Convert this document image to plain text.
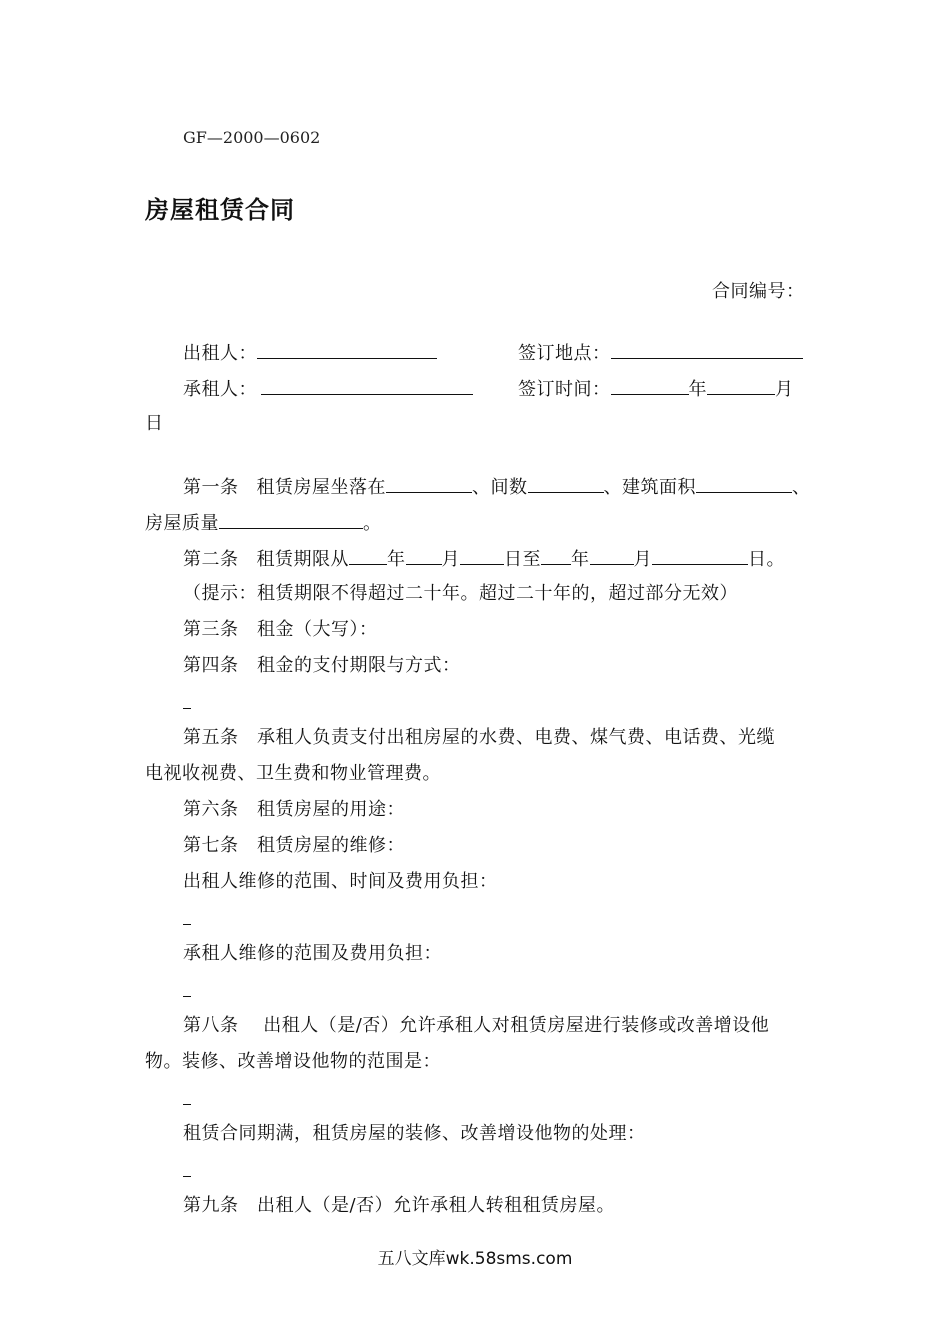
GF—2000—0602
房屋租赁合同
合同编号：
出租人：	签订地点：
承租人：	签订时间：	年	月
日
第一条 租赁房屋坐落在	、间数	、建筑面积	、
房屋质量	。
第二条 租赁期限从 年 月 日至 年 月	日。
（提示：租赁期限不得超过二十年。超过二十年的，超过部分无效）
第三条　租金（大写）：
第四条　租金的支付期限与方式：
第五条　承租人负责支付出租房屋的水费、电费、煤气费、电话费、光缆
电视收视费、卫生费和物业管理费。
第六条　租赁房屋的用途：
第七条　租赁房屋的维修：
出租人维修的范围、时间及费用负担：
承租人维修的范围及费用负担：
第八条　 出租人（是/否）允许承租人对租赁房屋进行装修或改善增设他
物。装修、改善增设他物的范围是：
租赁合同期满，租赁房屋的装修、改善增设他物的处理：
第九条　出租人（是/否）允许承租人转租租赁房屋。
五八文库wk.58sms.com
